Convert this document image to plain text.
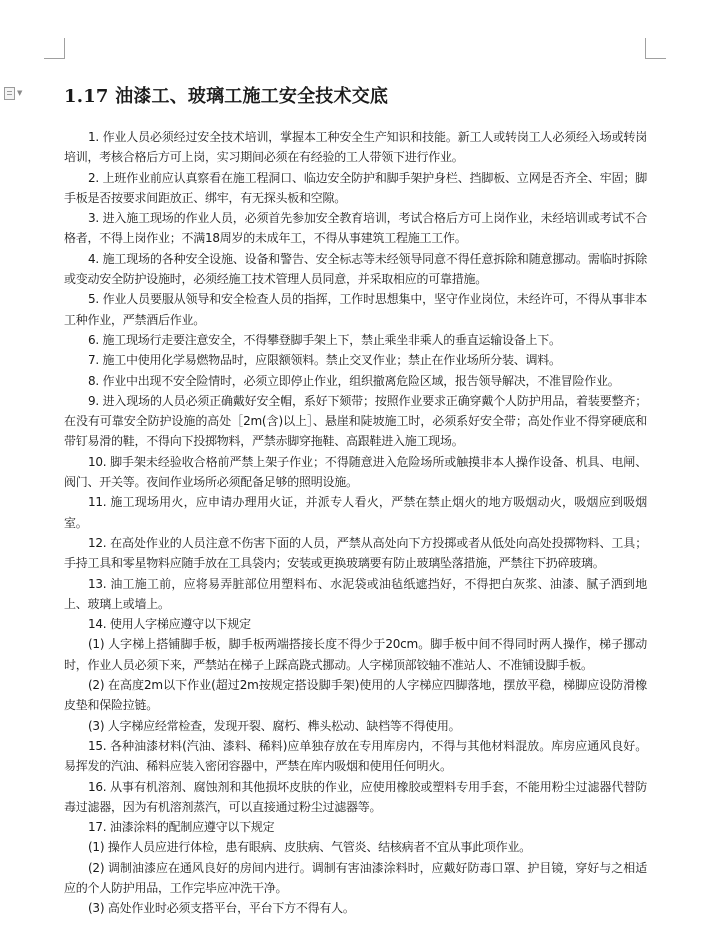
▼ 1.17 油漆工、玻璃工施工安全技术交底

1. 作业人员必须经过安全技术培训，掌握本工种安全生产知识和技能。新工人或转岗工人必须经入场或转岗培训，考核合格后方可上岗，实习期间必须在有经验的工人带领下进行作业。

2. 上班作业前应认真察看在施工程洞口、临边安全防护和脚手架护身栏、挡脚板、立网是否齐全、牢固；脚手板是否按要求间距放正、绑牢，有无探头板和空隙。

3. 进入施工现场的作业人员，必须首先参加安全教育培训，考试合格后方可上岗作业，未经培训或考试不合格者，不得上岗作业；不满18周岁的未成年工，不得从事建筑工程施工工作。

4. 施工现场的各种安全设施、设备和警告、安全标志等未经领导同意不得任意拆除和随意挪动。需临时拆除或变动安全防护设施时，必须经施工技术管理人员同意，并采取相应的可靠措施。

5. 作业人员要服从领导和安全检查人员的指挥，工作时思想集中，坚守作业岗位，未经许可，不得从事非本工种作业，严禁酒后作业。

6. 施工现场行走要注意安全，不得攀登脚手架上下，禁止乘坐非乘人的垂直运输设备上下。

7. 施工中使用化学易燃物品时，应限额领料。禁止交叉作业；禁止在作业场所分装、调料。

8. 作业中出现不安全险情时，必须立即停止作业，组织撤离危险区域，报告领导解决，不准冒险作业。

9. 进入现场的人员必须正确戴好安全帽，系好下颏带；按照作业要求正确穿戴个人防护用品，着装要整齐；在没有可靠安全防护设施的高处［2m(含)以上］、悬崖和陡坡施工时，必须系好安全带；高处作业不得穿硬底和带钉易滑的鞋，不得向下投掷物料，严禁赤脚穿拖鞋、高跟鞋进入施工现场。

10. 脚手架未经验收合格前严禁上架子作业；不得随意进入危险场所或触摸非本人操作设备、机具、电闸、阀门、开关等。夜间作业场所必须配备足够的照明设施。

11. 施工现场用火，应申请办理用火证，并派专人看火，严禁在禁止烟火的地方吸烟动火，吸烟应到吸烟室。

12. 在高处作业的人员注意不伤害下面的人员，严禁从高处向下方投掷或者从低处向高处投掷物料、工具；手持工具和零星物料应随手放在工具袋内；安装或更换玻璃要有防止玻璃坠落措施，严禁往下扔碎玻璃。

13. 油工施工前，应将易弄脏部位用塑料布、水泥袋或油毡纸遮挡好，不得把白灰浆、油漆、腻子洒到地上、玻璃上或墙上。

14. 使用人字梯应遵守以下规定

(1) 人字梯上搭铺脚手板，脚手板两端搭接长度不得少于20cm。脚手板中间不得同时两人操作，梯子挪动时，作业人员必须下来，严禁站在梯子上踩高跷式挪动。人字梯顶部铰轴不准站人、不准铺设脚手板。

(2) 在高度2m以下作业(超过2m按规定搭设脚手架)使用的人字梯应四脚落地，摆放平稳，梯脚应设防滑橡皮垫和保险拉链。

(3) 人字梯应经常检查，发现开裂、腐朽、榫头松动、缺档等不得使用。

15. 各种油漆材料(汽油、漆料、稀料)应单独存放在专用库房内，不得与其他材料混放。库房应通风良好。易挥发的汽油、稀料应装入密闭容器中，严禁在库内吸烟和使用任何明火。

16. 从事有机溶剂、腐蚀剂和其他损坏皮肤的作业，应使用橡胶或塑料专用手套，不能用粉尘过滤器代替防毒过滤器，因为有机溶剂蒸汽，可以直接通过粉尘过滤器等。

17. 油漆涂料的配制应遵守以下规定

(1) 操作人员应进行体检，患有眼病、皮肤病、气管炎、结核病者不宜从事此项作业。

(2) 调制油漆应在通风良好的房间内进行。调制有害油漆涂料时，应戴好防毒口罩、护目镜，穿好与之相适应的个人防护用品，工作完毕应冲洗干净。

(3) 高处作业时必须支搭平台，平台下方不得有人。
